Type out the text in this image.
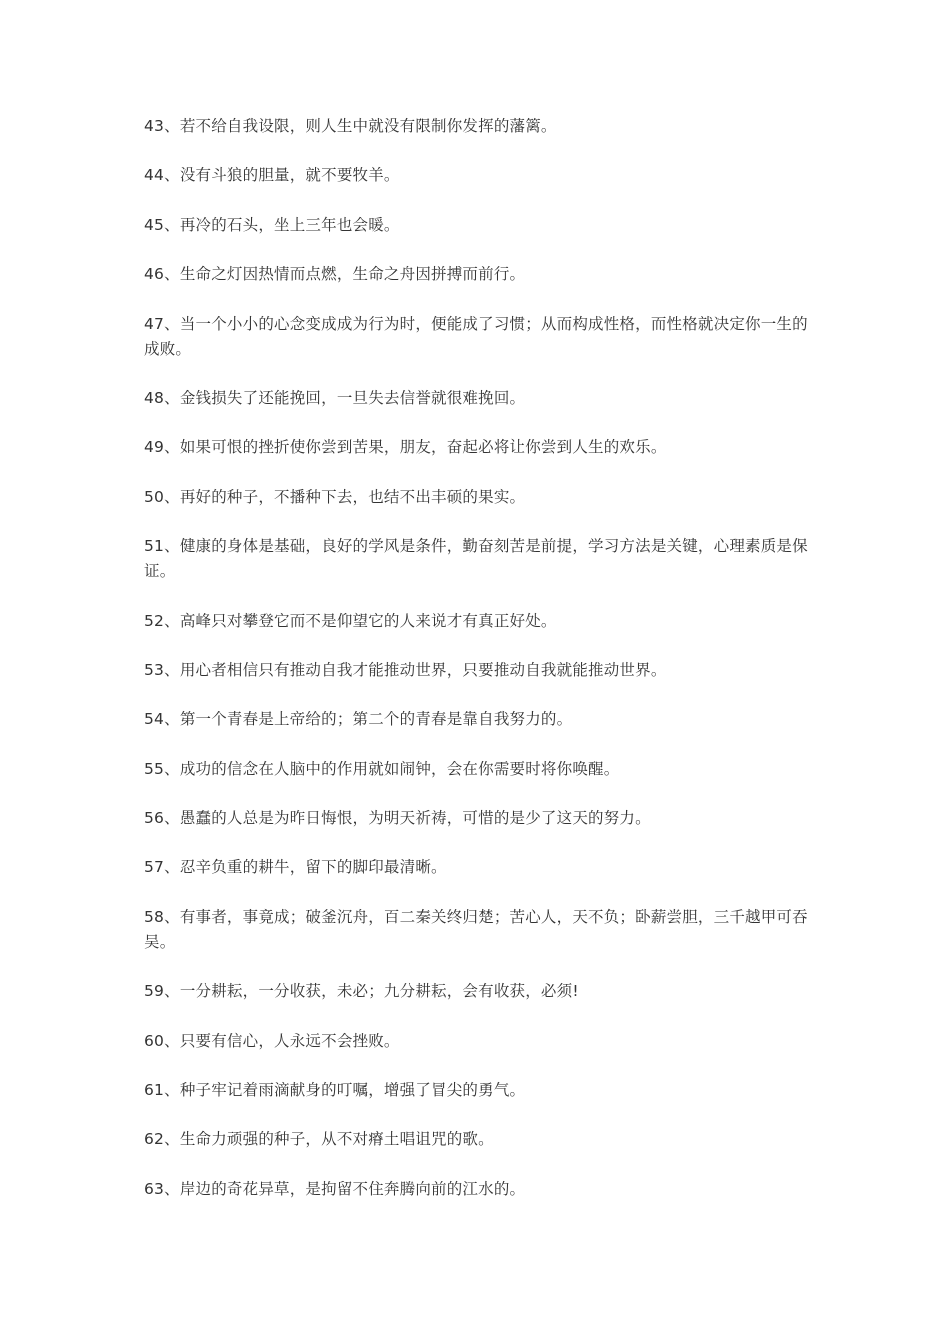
43、若不给自我设限，则人生中就没有限制你发挥的藩篱。
44、没有斗狼的胆量，就不要牧羊。
45、再冷的石头，坐上三年也会暖。
46、生命之灯因热情而点燃，生命之舟因拼搏而前行。
47、当一个小小的心念变成成为行为时，便能成了习惯；从而构成性格，而性格就决定你一生的成败。
48、金钱损失了还能挽回，一旦失去信誉就很难挽回。
49、如果可恨的挫折使你尝到苦果，朋友，奋起必将让你尝到人生的欢乐。
50、再好的种子，不播种下去，也结不出丰硕的果实。
51、健康的身体是基础，良好的学风是条件，勤奋刻苦是前提，学习方法是关键，心理素质是保证。
52、高峰只对攀登它而不是仰望它的人来说才有真正好处。
53、用心者相信只有推动自我才能推动世界，只要推动自我就能推动世界。
54、第一个青春是上帝给的；第二个的青春是靠自我努力的。
55、成功的信念在人脑中的作用就如闹钟，会在你需要时将你唤醒。
56、愚蠢的人总是为昨日悔恨，为明天祈祷，可惜的是少了这天的努力。
57、忍辛负重的耕牛，留下的脚印最清晰。
58、有事者，事竟成；破釜沉舟，百二秦关终归楚；苦心人，天不负；卧薪尝胆，三千越甲可吞吴。
59、一分耕耘，一分收获，未必；九分耕耘，会有收获，必须!
60、只要有信心，人永远不会挫败。
61、种子牢记着雨滴献身的叮嘱，增强了冒尖的勇气。
62、生命力顽强的种子，从不对瘠土唱诅咒的歌。
63、岸边的奇花异草，是拘留不住奔腾向前的江水的。
